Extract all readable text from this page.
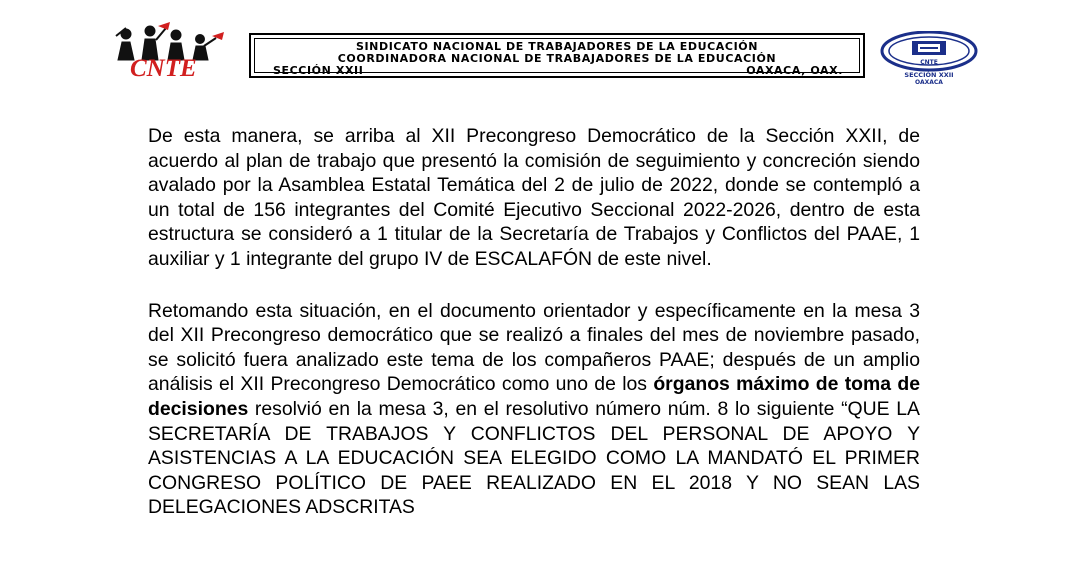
CNTE
SINDICATO NACIONAL DE TRABAJADORES DE LA EDUCACIÓN
COORDINADORA NACIONAL DE TRABAJADORES DE LA EDUCACIÓN
SECCIÓN XXII	OAXACA, OAX.
CNTE
SECCIÓN XXII
OAXACA

De esta manera, se arriba al XII Precongreso Democrático de la Sección XXII, de acuerdo al plan de trabajo que presentó la comisión de seguimiento y concreción siendo avalado por la Asamblea Estatal Temática del 2 de julio de 2022, donde se contempló a un total de 156 integrantes del Comité Ejecutivo Seccional 2022-2026, dentro de esta estructura se consideró a 1 titular de la Secretaría de Trabajos y Conflictos del PAAE, 1 auxiliar y 1 integrante del grupo IV de ESCALAFÓN de este nivel.

Retomando esta situación, en el documento orientador y específicamente en la mesa 3 del XII Precongreso democrático que se realizó a finales del mes de noviembre pasado, se solicitó fuera analizado este tema de los compañeros PAAE; después de un amplio análisis el XII Precongreso Democrático como uno de los órganos máximo de toma de decisiones resolvió en la mesa 3, en el resolutivo número núm. 8 lo siguiente “QUE LA SECRETARÍA DE TRABAJOS Y CONFLICTOS DEL PERSONAL DE APOYO Y ASISTENCIAS A LA EDUCACIÓN SEA ELEGIDO COMO LA MANDATÓ EL PRIMER CONGRESO POLÍTICO DE PAEE REALIZADO EN EL 2018 Y NO SEAN LAS DELEGACIONES ADSCRITAS
